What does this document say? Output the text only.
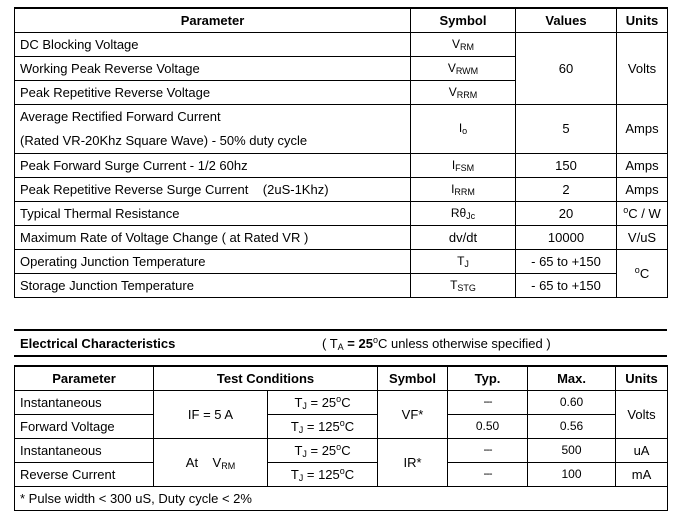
Parameter	Symbol	Values	Units
DC Blocking Voltage	$V_{RM}$	60	Volts
Working Peak Reverse Voltage	$V_{RWM}$
Peak Repetitive Reverse Voltage	$V_{RRM}$

Average Rectified Forward Current
(Rated VR-20Khz Square Wave) - 50% duty cycle	$I_o$	5	Amps
Peak Forward Surge Current - 1/2 60hz	$I_{FSM}$	150	Amps
Peak Repetitive Reverse Surge Current    (2uS-1Khz)	$I_{RRM}$	2	Amps
Typical Thermal Resistance	$R\theta_{Jc}$	20	$^o$C / W
Maximum Rate of Voltage Change ( at Rated VR )	dv/dt	10000	V/uS
Operating Junction Temperature	$T_J$	- 65 to +150	$^o$C
Storage Junction Temperature	$T_{STG}$	- 65 to +150	
Electrical Characteristics	( $T_A = 25^oC$ unless otherwise specified )
Parameter	Test Conditions		Symbol	Typ.	Max.	Units
Instantaneous	IF = 5 A	$T_J = 25^oC$	VF*	---	0.60	Volts
Forward Voltage		$T_J = 125^oC$		0.50	0.56	
Instantaneous	At    $V_{RM}$	$T_J = 25^oC$	IR*	---	500	uA
Reverse Current		$T_J = 125^oC$		---	100	mA
* Pulse width < 300 uS, Duty cycle < 2%						
